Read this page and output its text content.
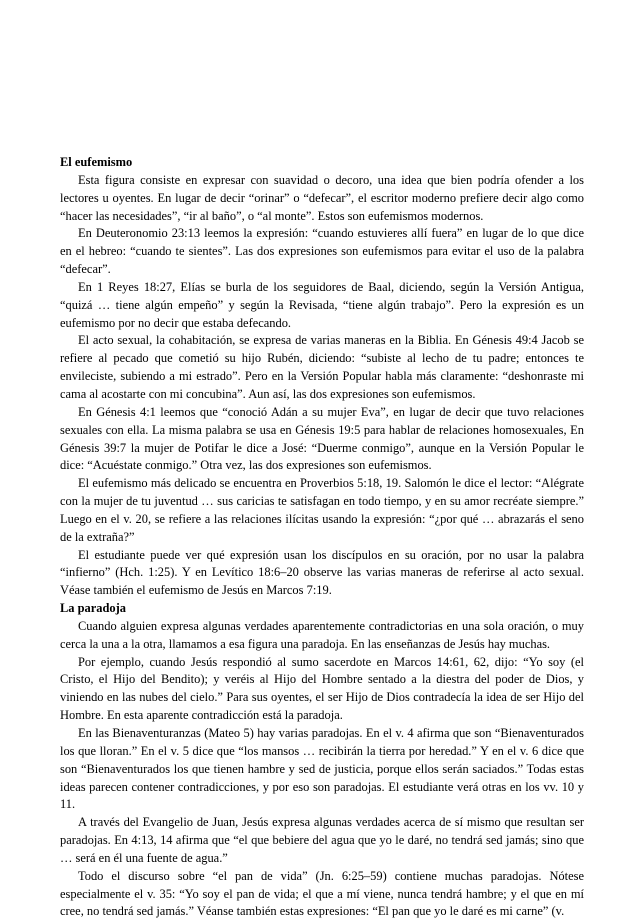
El eufemismo

Esta figura consiste en expresar con suavidad o decoro, una idea que bien podría ofender a los lectores u oyentes. En lugar de decir “orinar” o “defecar”, el escritor moderno prefiere decir algo como “hacer las necesidades”, “ir al baño”, o “al monte”. Estos son eufemismos modernos.

En Deuteronomio 23:13 leemos la expresión: “cuando estuvieres allí fuera” en lugar de lo que dice en el hebreo: “cuando te sientes”. Las dos expresiones son eufemismos para evitar el uso de la palabra “defecar”.

En 1 Reyes 18:27, Elías se burla de los seguidores de Baal, diciendo, según la Versión Antigua, “quizá … tiene algún empeño” y según la Revisada, “tiene algún trabajo”. Pero la expresión es un eufemismo por no decir que estaba defecando.

El acto sexual, la cohabitación, se expresa de varias maneras en la Biblia. En Génesis 49:4 Jacob se refiere al pecado que cometió su hijo Rubén, diciendo: “subiste al lecho de tu padre; entonces te envileciste, subiendo a mi estrado”. Pero en la Versión Popular habla más claramente: “deshonraste mi cama al acostarte con mi concubina”. Aun así, las dos expresiones son eufemismos.

En Génesis 4:1 leemos que “conoció Adán a su mujer Eva”, en lugar de decir que tuvo relaciones sexuales con ella. La misma palabra se usa en Génesis 19:5 para hablar de relaciones homosexuales, En Génesis 39:7 la mujer de Potifar le dice a José: “Duerme conmigo”, aunque en la Versión Popular le dice: “Acuéstate conmigo.” Otra vez, las dos expresiones son eufemismos.

El eufemismo más delicado se encuentra en Proverbios 5:18, 19. Salomón le dice el lector: “Alégrate con la mujer de tu juventud … sus caricias te satisfagan en todo tiempo, y en su amor recréate siempre.” Luego en el v. 20, se refiere a las relaciones ilícitas usando la expresión: “¿por qué … abrazarás el seno de la extraña?”

El estudiante puede ver qué expresión usan los discípulos en su oración, por no usar la palabra “infierno” (Hch. 1:25). Y en Levítico 18:6–20 observe las varias maneras de referirse al acto sexual. Véase también el eufemismo de Jesús en Marcos 7:19.

La paradoja

Cuando alguien expresa algunas verdades aparentemente contradictorias en una sola oración, o muy cerca la una a la otra, llamamos a esa figura una paradoja. En las enseñanzas de Jesús hay muchas.

Por ejemplo, cuando Jesús respondió al sumo sacerdote en Marcos 14:61, 62, dijo: “Yo soy (el Cristo, el Hijo del Bendito); y veréis al Hijo del Hombre sentado a la diestra del poder de Dios, y viniendo en las nubes del cielo.” Para sus oyentes, el ser Hijo de Dios contradecía la idea de ser Hijo del Hombre. En esta aparente contradicción está la paradoja.

En las Bienaventuranzas (Mateo 5) hay varias paradojas. En el v. 4 afirma que son “Bienaventurados los que lloran.” En el v. 5 dice que “los mansos … recibirán la tierra por heredad.” Y en el v. 6 dice que son “Bienaventurados los que tienen hambre y sed de justicia, porque ellos serán saciados.” Todas estas ideas parecen contener contradicciones, y por eso son paradojas. El estudiante verá otras en los vv. 10 y 11.

A través del Evangelio de Juan, Jesús expresa algunas verdades acerca de sí mismo que resultan ser paradojas. En 4:13, 14 afirma que “el que bebiere del agua que yo le daré, no tendrá sed jamás; sino que … será en él una fuente de agua.”

Todo el discurso sobre “el pan de vida” (Jn. 6:25–59) contiene muchas paradojas. Nótese especialmente el v. 35: “Yo soy el pan de vida; el que a mí viene, nunca tendrá hambre; y el que en mí cree, no tendrá sed jamás.” Véanse también estas expresiones: “El pan que yo le daré es mi carne” (v.
